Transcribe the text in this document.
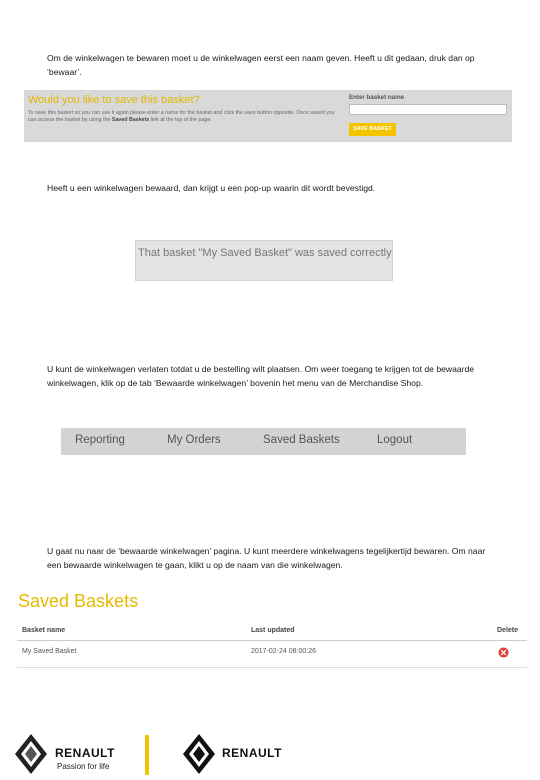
Om de winkelwagen te bewaren moet u de winkelwagen eerst een naam geven. Heeft u dit gedaan, druk dan op ‘bewaar’.
Would you like to save this basket?
To save this basket so you can use it again please enter a name for the basket and click the save button opposite. Once saved you can access the basket by using the Saved Baskets link at the top of the page.
Enter basket name
SAVE BASKET
Heeft u een winkelwagen bewaard, dan krijgt u een pop-up waarin dit wordt bevestigd.
That basket "My Saved Basket" was saved correctly
U kunt de winkelwagen verlaten totdat u de bestelling wilt plaatsen. Om weer toegang te krijgen tot de bewaarde winkelwagen, klik op de tab ‘Bewaarde winkelwagen’ bovenin het menu van de Merchandise Shop.
Reporting	My Orders	Saved Baskets	Logout
U gaat nu naar de ‘bewaarde winkelwagen’ pagina. U kunt meerdere winkelwagens tegelijkertijd bewaren. Om naar een bewaarde winkelwagen te gaan, klikt u op de naam van die winkelwagen.
Saved Baskets
Basket name	Last updated	Delete
My Saved Basket	2017-02-24 08:00:26
RENAULT
Passion for life
RENAULT
